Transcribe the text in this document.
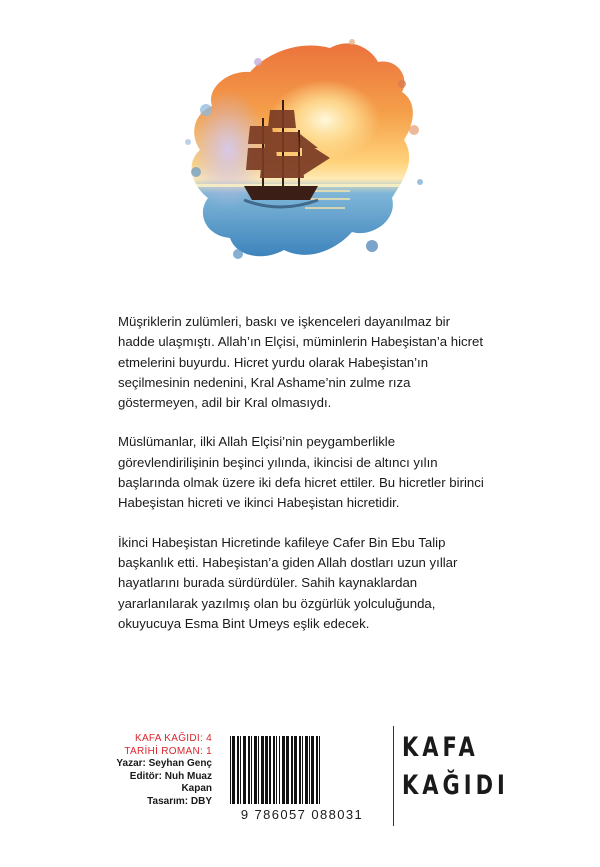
Müşriklerin zulümleri, baskı ve işkenceleri dayanılmaz bir hadde ulaşmıştı. Allah’ın Elçisi, müminlerin Habeşistan’a hicret etmelerini buyurdu. Hicret yurdu olarak Habeşistan’ın seçilmesinin nedenini, Kral Ashame’nin zulme rıza göstermeyen, adil bir Kral olmasıydı.

Müslümanlar, ilki Allah Elçisi’nin peygamberlikle görevlendirilişinin beşinci yılında, ikincisi de altıncı yılın başlarında olmak üzere iki defa hicret ettiler. Bu hicretler birinci Habeşistan hicreti ve ikinci Habeşistan hicretidir.

İkinci Habeşistan Hicretinde kafileye Cafer Bin Ebu Talip başkanlık etti. Habeşistan’a giden Allah dostları uzun yıllar hayatlarını burada sürdürdüler. Sahih kaynaklardan yararlanılarak yazılmış olan bu özgürlük yolculuğunda, okuyucuya Esma Bint Umeys eşlik edecek.

KAFA KAĞIDI: 4
TARİHİ ROMAN: 1
Yazar: Seyhan Genç
Editör: Nuh Muaz Kapan
Tasarım: DBY
9 786057 088031
KAFA
KAĞIDI
